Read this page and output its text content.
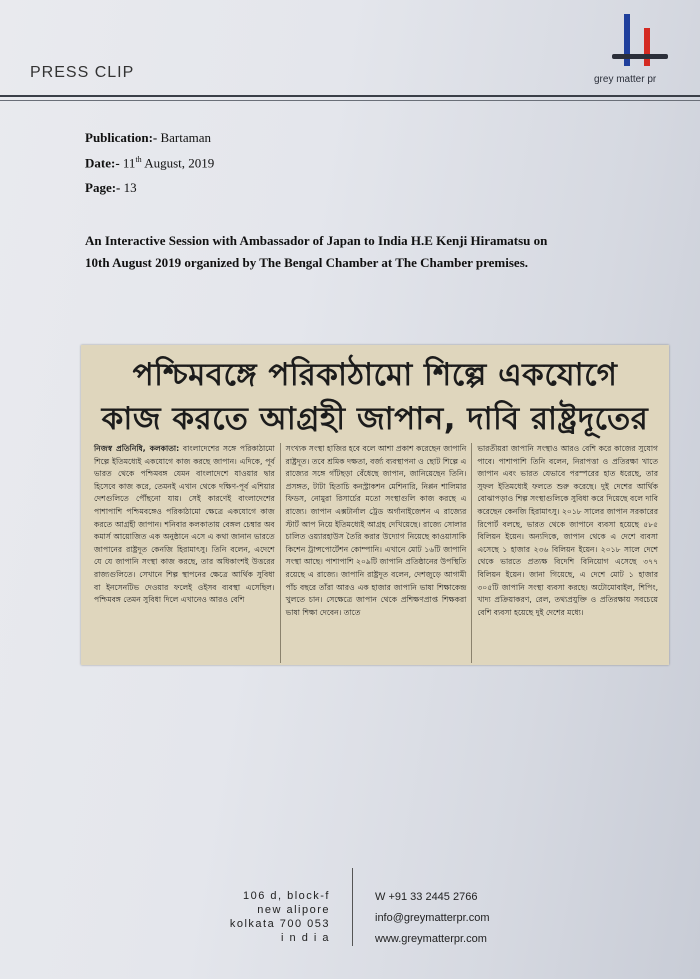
PRESS CLIP	grey matter pr
Publication:- Bartaman
Date:- 11th August, 2019
Page:- 13
An Interactive Session with Ambassador of Japan to India H.E Kenji Hiramatsu on
10th August 2019 organized by The Bengal Chamber at The Chamber premises.
পশ্চিমবঙ্গে পরিকাঠামো শিল্পে একযোগে
কাজ করতে আগ্রহী জাপান, দাবি রাষ্ট্রদূতের
নিজস্ব প্রতিনিধি, কলকাতা: বাংলাদেশের সঙ্গে পরিকাঠামো শিল্পে ইতিমধ্যেই একযোগে কাজ করছে জাপান। এদিকে, পূর্ব ভারত থেকে পশ্চিমবঙ্গ যেমন বাংলাদেশে যাওয়ার দ্বার হিসেবে কাজ করে, তেমনই এখান থেকে দক্ষিণ-পূর্ব এশিয়ার দেশগুলিতে পৌঁছনো যায়। সেই কারণেই বাংলাদেশের পাশাপাশি পশ্চিমবঙ্গেও পরিকাঠামো ক্ষেত্রে একযোগে কাজ করতে আগ্রহী জাপান। শনিবার কলকাতায় বেঙ্গল চেম্বার অব কমার্স আয়োজিত এক অনুষ্ঠানে এসে এ কথা জানান ভারতে জাপানের রাষ্ট্রদূত কেনজি হিরামাৎসু। তিনি বলেন, এদেশে যে যে জাপানি সংস্থা কাজ করছে, তার অধিকাংশই উত্তরের রাজ্যগুলিতে। সেখানে শিল্প স্থাপনের ক্ষেত্রে আর্থিক সুবিধা বা ইনসেনটিভ দেওয়ার ফলেই ওইসব ব্যবস্থা এসেছিল। পশ্চিমবঙ্গ তেমন সুবিধা দিলে এখানেও আরও বেশি
সংখ্যক সংস্থা হাজির হবে বলে আশা প্রকাশ করেছেন জাপানি রাষ্ট্রদূত। তবে শ্রমিক দক্ষতা, বর্জ্য ব্যবস্থাপনা ও ছোট শিল্পে এ রাজ্যের সঙ্গে গাঁটছড়া বেঁধেছে জাপান, জানিয়েছেন তিনি। প্রসঙ্গত, টাটা হিতাচি কনস্ট্রাকশন মেশিনারি, নিপ্পন শালিমার ফিডস, নোমুরা রিসার্চের মতো সংস্থাগুলি কাজ করছে এ রাজ্যে। জাপান এক্সটার্নাল ট্রেড অর্গানাইজেশন এ রাজ্যের স্টার্ট আপ নিয়ে ইতিমধ্যেই আগ্রহ দেখিয়েছে। রাজ্যে সোলার চালিত ওয়্যারহাউস তৈরি করার উদ্যোগ নিয়েছে কাওয়াসাকি কিশেন ট্রান্সপোর্টেশন কোম্পানি। এখানে মোট ১৬টি জাপানি সংস্থা আছে। পাশাপাশি ২০৯টি জাপানি প্রতিষ্ঠানের উপস্থিতি রয়েছে এ রাজ্যে। জাপানি রাষ্ট্রদূত বলেন, দেশজুড়ে আগামী পাঁচ বছরে তাঁরা আরও এক হাজার জাপানি ভাষা শিক্ষাকেন্দ্র খুলতে চান। সেক্ষেত্রে জাপান থেকে প্রশিক্ষণপ্রাপ্ত শিক্ষকরা ভাষা শিক্ষা দেবেন। তাতে
ভারতীয়রা জাপানি সংস্থাও আরও বেশি করে কাজের সুযোগ পাবে। পাশাপাশি তিনি বলেন, নিরাপত্তা ও প্রতিরক্ষা খাতে জাপান এবং ভারত যেভাবে পরস্পরের হাত ধরেছে, তার সুফল ইতিমধ্যেই ফলতে শুরু করেছে। দুই দেশের আর্থিক বোঝাপড়াও শিল্প সংস্থাগুলিকে সুবিধা করে দিয়েছে বলে দাবি করেছেন কেনজি হিরামাৎসু। ২০১৮ সালের জাপান সরকারের রিপোর্ট বলছে, ভারত থেকে জাপানে ব্যবসা হয়েছে ৫৮৫ বিলিয়ন ইয়েন। অন্যদিকে, জাপান থেকে এ দেশে ব্যবসা এসেছে ১ হাজার ২৩৬ বিলিয়ন ইয়েন। ২০১৮ সালে দেশে থেকে ভারতে প্রত্যক্ষ বিদেশি বিনিয়োগ এসেছে ৩৭৭ বিলিয়ন ইয়েন। জানা গিয়েছে, এ দেশে মোট ১ হাজার ৩০৫টি জাপানি সংস্থা ব্যবসা করছে। অটোমোবাইল, শিপিং, খাদ্য প্রক্রিয়াকরণ, রেল, তথ্যপ্রযুক্তি ও প্রতিরক্ষায় সবচেয়ে বেশি ব্যবসা হয়েছে দুই দেশের মধ্যে।
106 d, block-f
new alipore
kolkata 700 053
i n d i a
W +91 33 2445 2766
info@greymatterpr.com
www.greymatterpr.com
